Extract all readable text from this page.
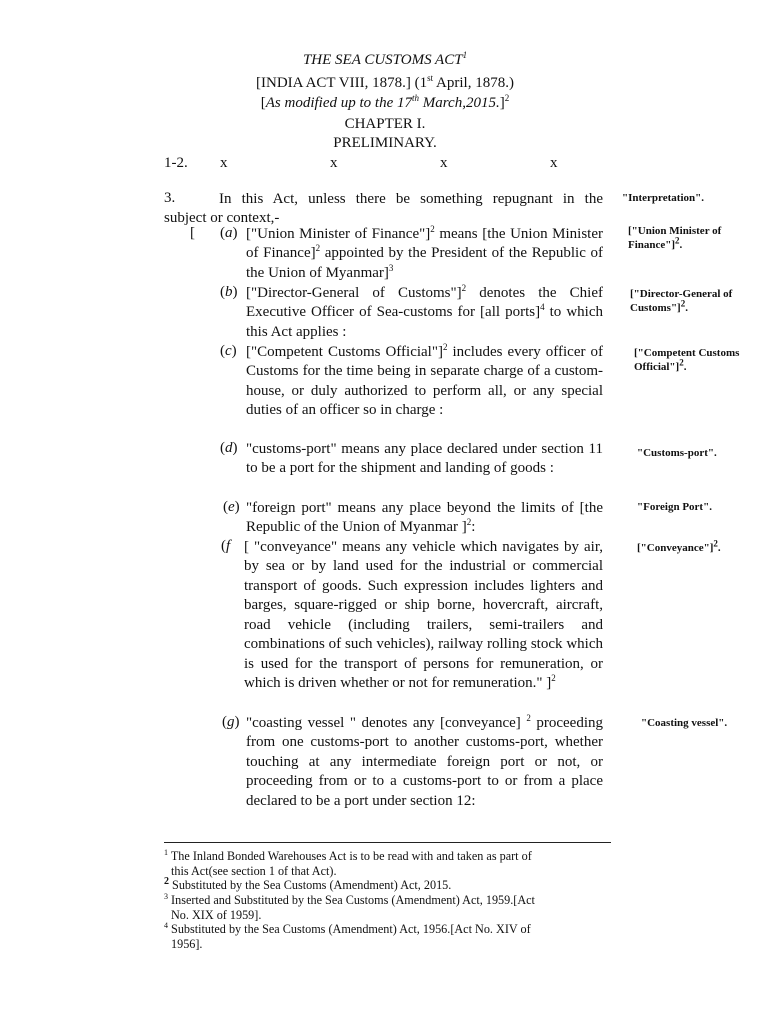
THE SEA CUSTOMS ACT$^1$
[INDIA ACT VIII, 1878.] (1st April, 1878.)
[As modified up to the 17th March,2015.]$^2$
CHAPTER I.
PRELIMINARY.
1-2. x	x	x	x
3.	In this Act, unless there be something repugnant in the
subject or context,-
"Interpretation".
[ (a) ["Union Minister of Finance"]$^2$ means [the Union Minister of Finance]$^2$ appointed by the President of the Republic of the Union of Myanmar]$^3$
["Union Minister of Finance"]$^2$.
(b) ["Director-General of Customs"]$^2$ denotes the Chief Executive Officer of Sea-customs for [all ports]$^4$ to which this Act applies :
["Director-General of Customs"]$^2$.
(c) ["Competent Customs Official"]$^2$ includes every officer of Customs for the time being in separate charge of a custom-house, or duly authorized to perform all, or any special duties of an officer so in charge :
["Competent Customs Official"]$^2$.
(d) "customs-port" means any place declared under section 11 to be a port for the shipment and landing of goods :
"Customs-port".
(e) "foreign port" means any place beyond the limits of [the Republic of the Union of Myanmar ]$^2$:
"Foreign Port".
(f [ "conveyance" means any vehicle which navigates by air, by sea or by land used for the industrial or commercial transport of goods. Such expression includes lighters and barges, square-rigged or ship borne, hovercraft, aircraft, road vehicle (including trailers, semi-trailers and combinations of such vehicles), railway rolling stock which is used for the transport of persons for remuneration, or which is driven whether or not for remuneration." ]$^2$
["Conveyance"]$^2$.
(g) "coasting vessel " denotes any [conveyance] $^2$ proceeding from one customs-port to another customs-port, whether touching at any intermediate foreign port or not, or proceeding from or to a customs-port to or from a place declared to be a port under section 12:
"Coasting vessel".
$^1$ The Inland Bonded Warehouses Act is to be read with and taken as part of
this Act(see section 1 of that Act).
$^2$ Substituted by the Sea Customs (Amendment) Act, 2015.
$^3$ Inserted and Substituted by the Sea Customs (Amendment) Act, 1959.[Act
No. XIX of 1959].
$^4$ Substituted by the Sea Customs (Amendment) Act, 1956.[Act No. XIV of
1956].
